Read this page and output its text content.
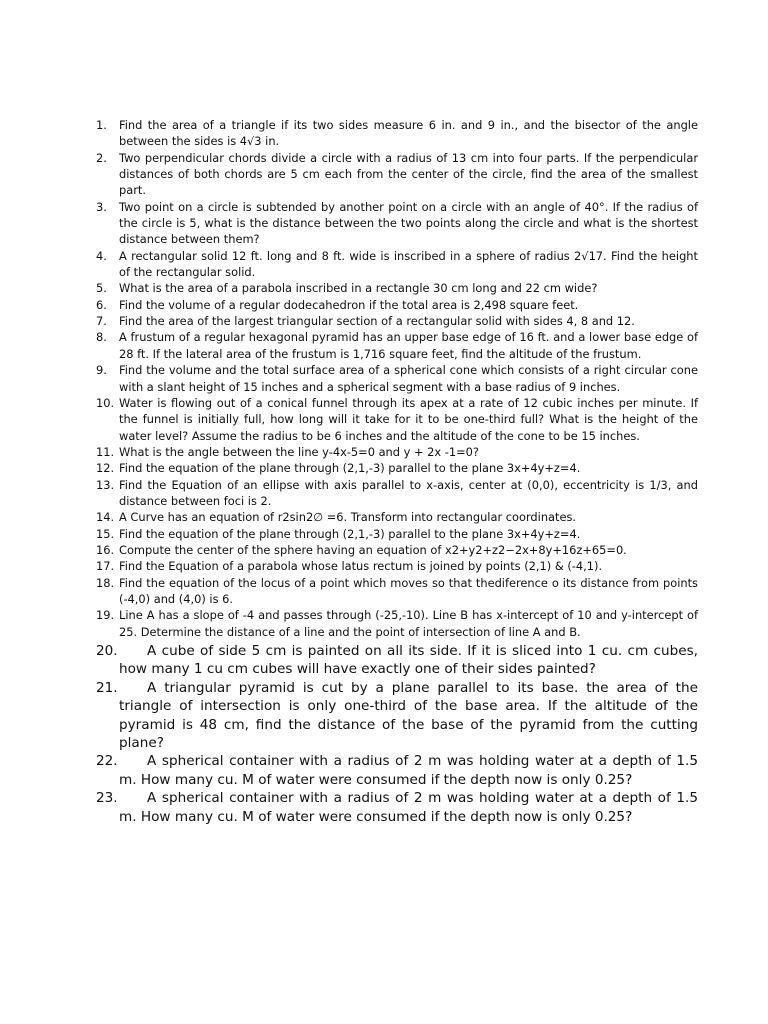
1. Find the area of a triangle if its two sides measure 6 in. and 9 in., and the bisector of the angle between the sides is 4√3 in.
2. Two perpendicular chords divide a circle with a radius of 13 cm into four parts. If the perpendicular distances of both chords are 5 cm each from the center of the circle, find the area of the smallest part.
3. Two point on a circle is subtended by another point on a circle with an angle of 40°. If the radius of the circle is 5, what is the distance between the two points along the circle and what is the shortest distance between them?
4. A rectangular solid 12 ft. long and 8 ft. wide is inscribed in a sphere of radius 2√17. Find the height of the rectangular solid.
5. What is the area of a parabola inscribed in a rectangle 30 cm long and 22 cm wide?
6. Find the volume of a regular dodecahedron if the total area is 2,498 square feet.
7. Find the area of the largest triangular section of a rectangular solid with sides 4, 8 and 12.
8. A frustum of a regular hexagonal pyramid has an upper base edge of 16 ft. and a lower base edge of 28 ft. If the lateral area of the frustum is 1,716 square feet, find the altitude of the frustum.
9. Find the volume and the total surface area of a spherical cone which consists of a right circular cone with a slant height of 15 inches and a spherical segment with a base radius of 9 inches.
10. Water is flowing out of a conical funnel through its apex at a rate of 12 cubic inches per minute. If the funnel is initially full, how long will it take for it to be one-third full? What is the height of the water level? Assume the radius to be 6 inches and the altitude of the cone to be 15 inches.
11. What is the angle between the line y-4x-5=0 and y + 2x -1=0?
12. Find the equation of the plane through (2,1,-3) parallel to the plane 3x+4y+z=4.
13. Find the Equation of an ellipse with axis parallel to x-axis, center at (0,0), eccentricity is 1/3, and distance between foci is 2.
14. A Curve has an equation of r2sin2∅ =6. Transform into rectangular coordinates.
15. Find the equation of the plane through (2,1,-3) parallel to the plane 3x+4y+z=4.
16. Compute the center of the sphere having an equation of x2+y2+z2−2x+8y+16z+65=0.
17. Find the Equation of a parabola whose latus rectum is joined by points (2,1) & (-4,1).
18. Find the equation of the locus of a point which moves so that thediference o its distance from points (-4,0) and (4,0) is 6.
19. Line A has a slope of -4 and passes through (-25,-10). Line B has x-intercept of 10 and y-intercept of 25. Determine the distance of a line and the point of intersection of line A and B.
20.	A cube of side 5 cm is painted on all its side. If it is sliced into 1 cu. cm cubes, how many 1 cu cm cubes will have exactly one of their sides painted?
21.	A triangular pyramid is cut by a plane parallel to its base. the area of the triangle of intersection is only one-third of the base area. If the altitude of the pyramid is 48 cm, find the distance of the base of the pyramid from the cutting plane?
22.	A spherical container with a radius of 2 m was holding water at a depth of 1.5 m. How many cu. M of water were consumed if the depth now is only 0.25?
23.	A spherical container with a radius of 2 m was holding water at a depth of 1.5 m. How many cu. M of water were consumed if the depth now is only 0.25?
